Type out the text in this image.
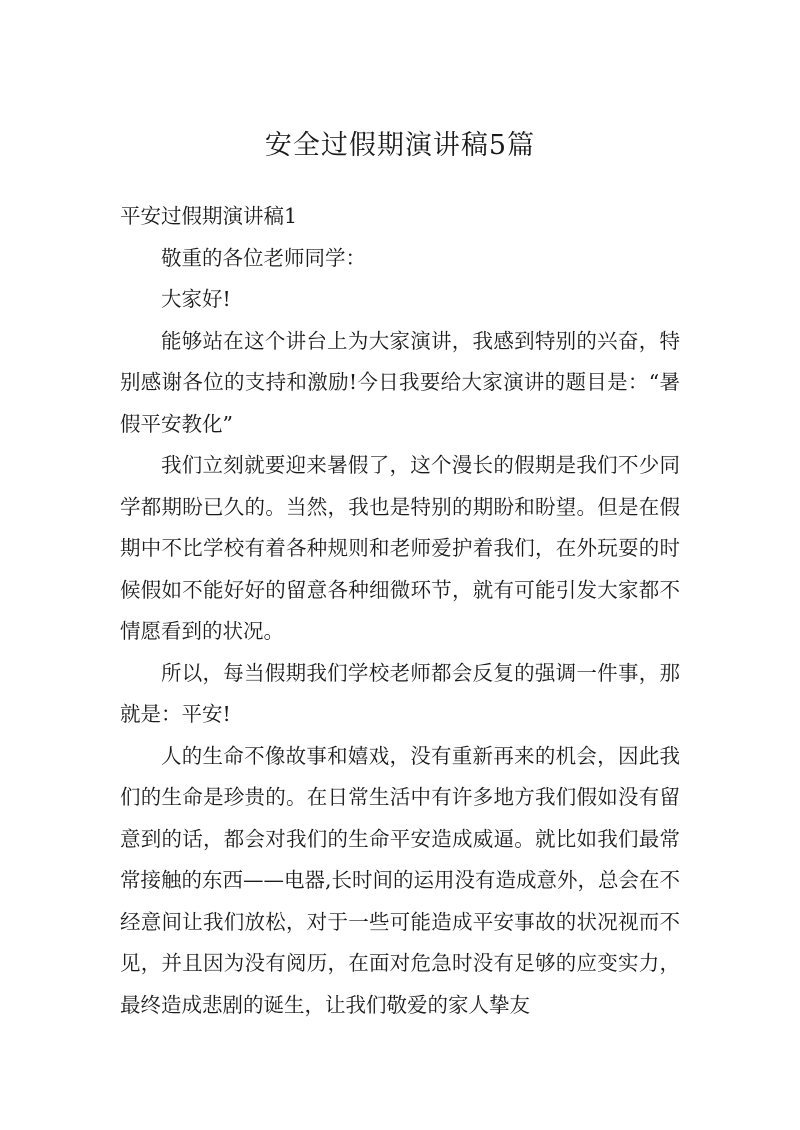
安全过假期演讲稿5篇

平安过假期演讲稿1

敬重的各位老师同学：

大家好!

能够站在这个讲台上为大家演讲，我感到特别的兴奋，特别感谢各位的支持和激励!今日我要给大家演讲的题目是：“暑假平安教化”

我们立刻就要迎来暑假了，这个漫长的假期是我们不少同学都期盼已久的。当然，我也是特别的期盼和盼望。但是在假期中不比学校有着各种规则和老师爱护着我们，在外玩耍的时候假如不能好好的留意各种细微环节，就有可能引发大家都不情愿看到的状况。

所以，每当假期我们学校老师都会反复的强调一件事，那就是：平安!

人的生命不像故事和嬉戏，没有重新再来的机会，因此我们的生命是珍贵的。在日常生活中有许多地方我们假如没有留意到的话，都会对我们的生命平安造成威逼。就比如我们最常常接触的东西——电器,长时间的运用没有造成意外，总会在不经意间让我们放松，对于一些可能造成平安事故的状况视而不见，并且因为没有阅历，在面对危急时没有足够的应变实力，最终造成悲剧的诞生，让我们敬爱的家人挚友
